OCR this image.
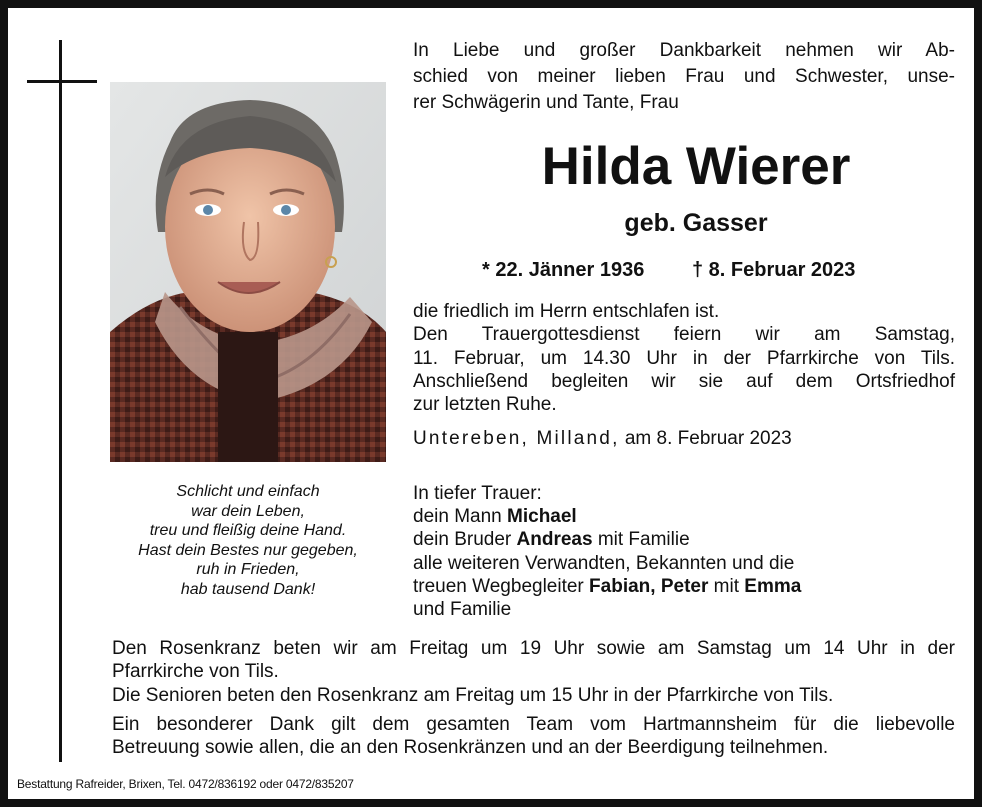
Schlicht und einfach
war dein Leben,
treu und fleißig deine Hand.
Hast dein Bestes nur gegeben,
ruh in Frieden,
hab tausend Dank!
In Liebe und großer Dankbarkeit nehmen wir Ab-
schied von meiner lieben Frau und Schwester, unse-
rer Schwägerin und Tante, Frau
Hilda Wierer
geb. Gasser
* 22. Jänner 1936 † 8. Februar 2023
die friedlich im Herrn entschlafen ist.
Den Trauergottesdienst feiern wir am Samstag,
11. Februar, um 14.30 Uhr in der Pfarrkirche von Tils.
Anschließend begleiten wir sie auf dem Ortsfriedhof
zur letzten Ruhe.
Untereben, Milland, am 8. Februar 2023
In tiefer Trauer:
dein Mann Michael
dein Bruder Andreas mit Familie
alle weiteren Verwandten, Bekannten und die
treuen Wegbegleiter Fabian, Peter mit Emma
und Familie
Den Rosenkranz beten wir am Freitag um 19 Uhr sowie am Samstag um 14 Uhr in der
Pfarrkirche von Tils.
Die Senioren beten den Rosenkranz am Freitag um 15 Uhr in der Pfarrkirche von Tils.
Ein besonderer Dank gilt dem gesamten Team vom Hartmannsheim für die liebevolle
Betreuung sowie allen, die an den Rosenkränzen und an der Beerdigung teilnehmen.
Bestattung Rafreider, Brixen, Tel. 0472/836192 oder 0472/835207
